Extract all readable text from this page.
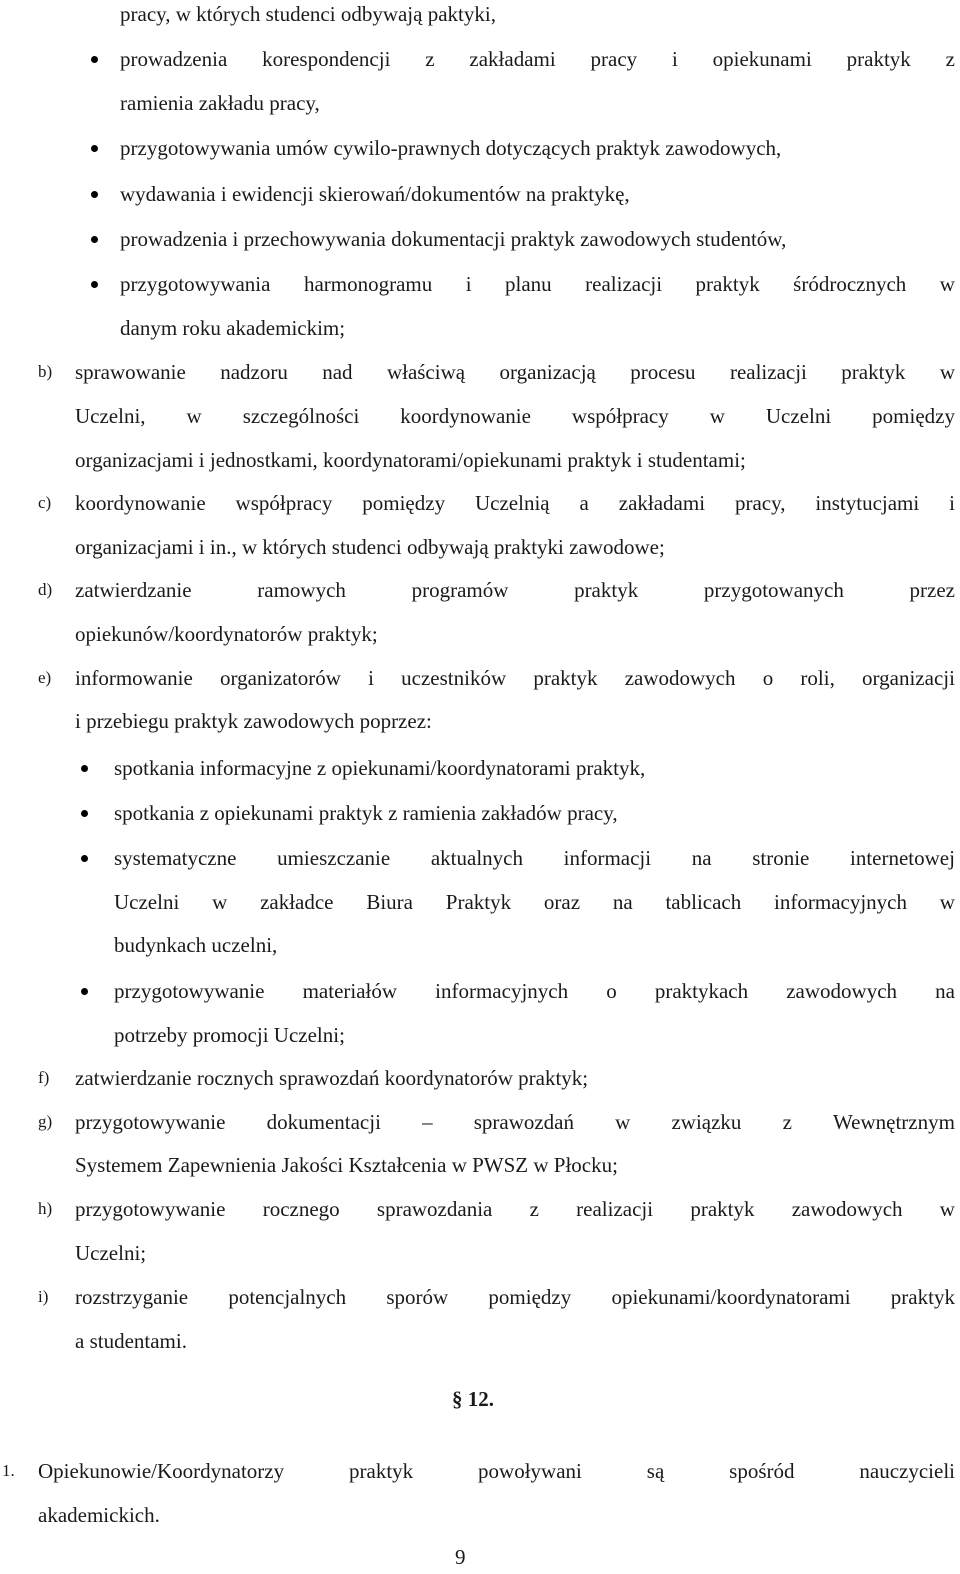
pracy, w których studenci odbywają paktyki,
prowadzenia korespondencji z zakładami pracy i opiekunami praktyk z
ramienia zakładu pracy,
przygotowywania umów cywilo-prawnych dotyczących praktyk zawodowych,
wydawania i ewidencji skierowań/dokumentów na praktykę,
prowadzenia i przechowywania dokumentacji praktyk zawodowych studentów,
przygotowywania harmonogramu i planu realizacji praktyk śródrocznych w
danym roku akademickim;
b) sprawowanie nadzoru nad właściwą organizacją procesu realizacji praktyk w
Uczelni, w szczególności koordynowanie współpracy w Uczelni pomiędzy
organizacjami i jednostkami, koordynatorami/opiekunami praktyk i studentami;
c) koordynowanie współpracy pomiędzy Uczelnią a zakładami pracy, instytucjami i
organizacjami i in., w których studenci odbywają praktyki zawodowe;
d) zatwierdzanie	ramowych	programów	praktyk	przygotowanych	przez
opiekunów/koordynatorów praktyk;
e) informowanie organizatorów i uczestników praktyk zawodowych o roli, organizacji
i przebiegu praktyk zawodowych poprzez:
spotkania informacyjne z opiekunami/koordynatorami praktyk,
spotkania z opiekunami praktyk z ramienia zakładów pracy,
systematyczne umieszczanie aktualnych informacji na stronie internetowej
Uczelni w zakładce Biura Praktyk oraz na tablicach informacyjnych w
budynkach uczelni,
przygotowywanie materiałów informacyjnych o praktykach zawodowych na
potrzeby promocji Uczelni;
f) zatwierdzanie rocznych sprawozdań koordynatorów praktyk;
g) przygotowywanie dokumentacji – sprawozdań w związku z Wewnętrznym
Systemem Zapewnienia Jakości Kształcenia w PWSZ w Płocku;
h) przygotowywanie rocznego sprawozdania z realizacji praktyk zawodowych w
Uczelni;
i) rozstrzyganie potencjalnych sporów pomiędzy opiekunami/koordynatorami praktyk
a studentami.
§ 12.
1. Opiekunowie/Koordynatorzy	praktyk	powoływani	są	spośród	nauczycieli
akademickich.
9
